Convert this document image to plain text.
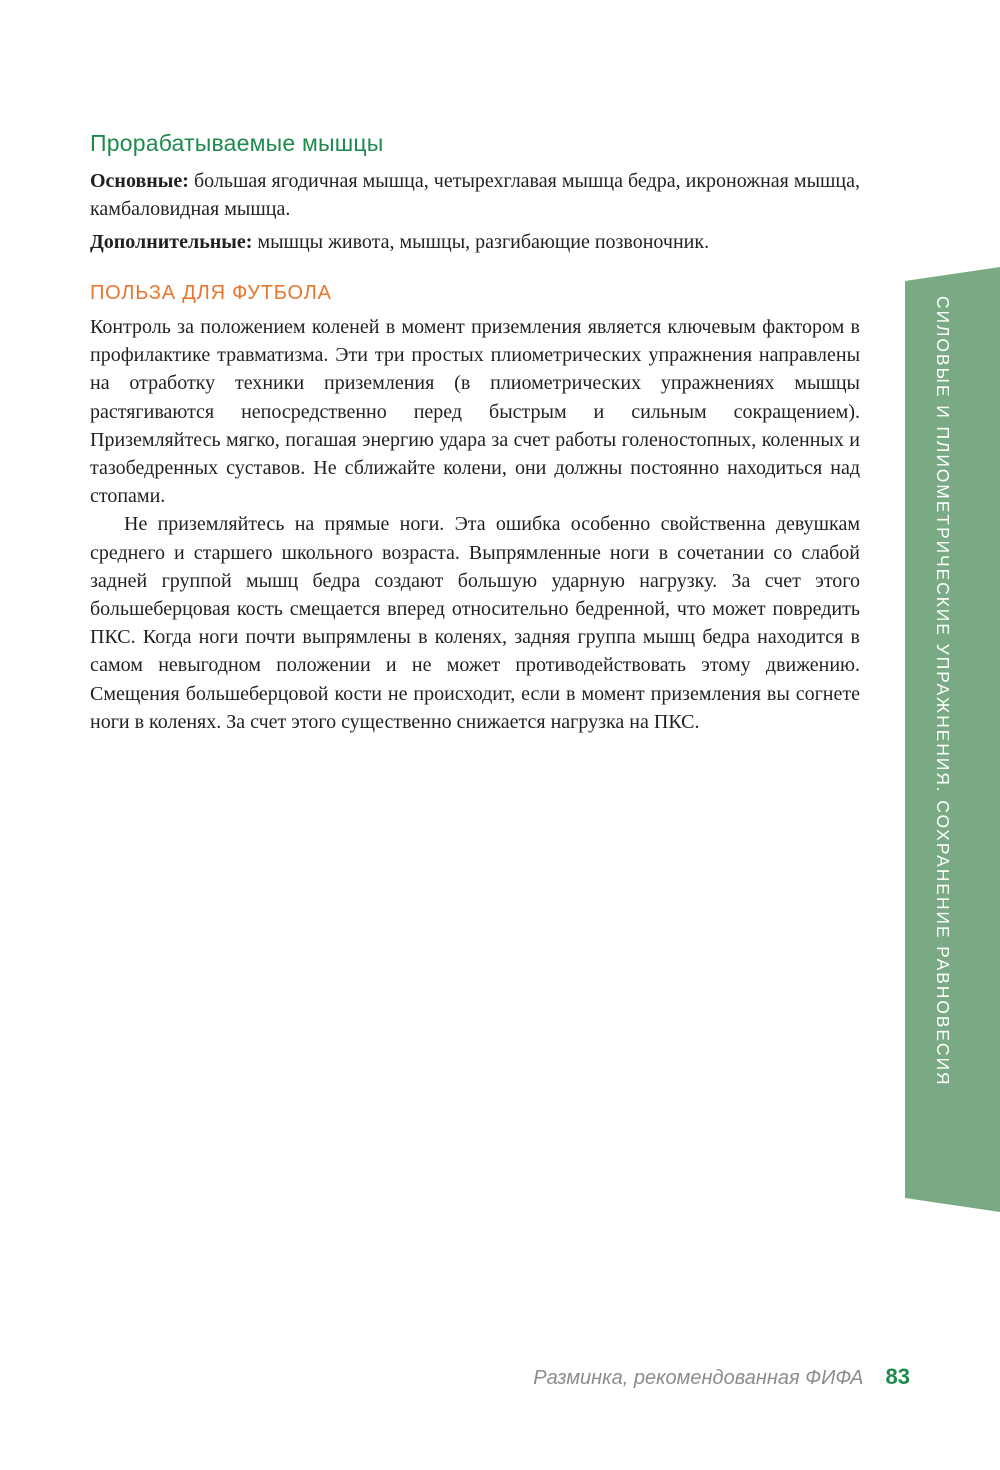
Прорабатываемые мышцы

Основные: большая ягодичная мышца, четырехглавая мышца бедра, икроножная мышца, камбаловидная мышца.

Дополнительные: мышцы живота, мышцы, разгибающие позвоночник.

ПОЛЬЗА ДЛЯ ФУТБОЛА

Контроль за положением коленей в момент приземления является ключевым фактором в профилактике травматизма. Эти три простых плиометрических упражнения направлены на отработку техники приземления (в плиометрических упражнениях мышцы растягиваются непосредственно перед быстрым и сильным сокращением). Приземляйтесь мягко, погашая энергию удара за счет работы голеностопных, коленных и тазобедренных суставов. Не сближайте колени, они должны постоянно находиться над стопами.

Не приземляйтесь на прямые ноги. Эта ошибка особенно свойственна девушкам среднего и старшего школьного возраста. Выпрямленные ноги в сочетании со слабой задней группой мышц бедра создают большую ударную нагрузку. За счет этого большеберцовая кость смещается вперед относительно бедренной, что может повредить ПКС. Когда ноги почти выпрямлены в коленях, задняя группа мышц бедра находится в самом невыгодном положении и не может противодействовать этому движению. Смещения большеберцовой кости не происходит, если в момент приземления вы согнете ноги в коленях. За счет этого существенно снижается нагрузка на ПКС.	СИЛОВЫЕ И ПЛИОМЕТРИЧЕСКИЕ УПРАЖНЕНИЯ. СОХРАНЕНИЕ РАВНОВЕСИЯ
Разминка, рекомендованная ФИФА 83
